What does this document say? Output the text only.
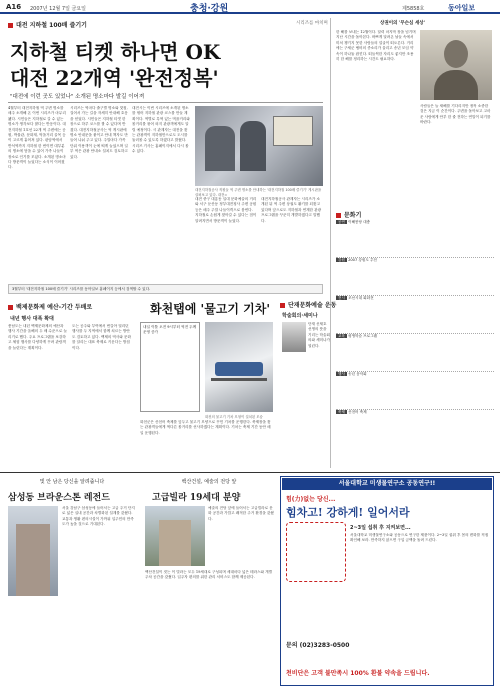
A16 2007년 12월 7일 금요일	충청·강원	제5858호	동아일보
대전 지하철 100배 즐기기	시리즈를 마치며
지하철 티켓 하나면 OK
대전 22개역 '완전정복'
"대전에 이런 곳도 있었나" 소개된 명소마다 발길 이어져
4월부터 대전지하철 역 주변 명소를 매주 소개해 온 이번 시리즈가 마무리됐다. 시민들은 지하철로 갈 수 있는 명소가 생각보다 많다는 반응이다. 대전지하철 1호선 22개 역 주변에는 공원, 박물관, 문화재, 먹을거리 골목 등이 고르게 흩어져 있다. 판암역에서 반석역까지 지하철 한 번이면 대부분의 명소에 닿을 수 있어 가족 나들이 장소로 인기를 모았다. 소개된 명소마다 방문객이 늘었다는 소식이 이어졌다.
시리즈는 역마다 출구별 명소와 맛집, 걸어서 가는 길을 자세히 안내해 호응을 얻었다. 시민들은 지하철 티켓 한 장으로 하루 코스를 짤 수 있다며 반겼다. 대전지하철공사는 역 게시판에 명소 안내문을 붙이고 안내 책자도 만들어 나눠 주고 있다. 주말마다 가족 단위 이용객이 눈에 띄게 늘었으며 일부 역은 관광 안내소 설치도 검토하고 있다.
대전시는 이번 시리즈에 소개된 명소를 엮어 지하철 관광 코스를 만들 계획이다. 역별로 특색 있는 먹을거리와 볼거리를 묶어 외지 관광객에게도 알릴 예정이다. 시 관계자는 대전을 찾는 관광객이 지하철만으로도 도시를 둘러볼 수 있도록 하겠다고 밝혔다. 시리즈 기사는 홈페이지에서 다시 볼 수 있다.
대전지하철공사 직원들 역 주변 명소를 안내하는 '대전지하철 100배 즐기기' 게시판을 살펴보고 있다. 대전=
대전 중구 대흥동 일대 문화예술의 거리와 서구 둔산동 정부대전청사 주변 공원 등은 매주 주말 나들이객으로 붐빈다. 지하철로 손쉽게 찾아갈 수 있다는 점이 알려지면서 방문객이 늘었다.
대전지하철공사 관계자는 시리즈가 소개된 뒤 역 주변 상권도 활기를 되찾고 있다며 앞으로도 지하철과 연계한 관광 프로그램을 꾸준히 개발하겠다고 말했다.
3월부터 '대전지하철 100배 즐기기' 시리즈를 동아일보 홈페이지 등에서 검색할 수 있다.
상권이의 '무슨심 세상'
한 해를 보내는 12월이다. 달력 마지막 장을 넘기며 지난 시간을 돌아본다. 바쁘게 달려온 날들 속에서 미처 챙기지 못한 사람들의 얼굴이 떠오른다. 거리에는 구세군 냄비의 종소리가 울리고 송년 모임 약속이 하나둘 잡힌다. 떠들썩한 자리도 좋지만 조용히 한 해를 정리하는 시간도 필요하다.
사람들은 늘 새해를 기다리지만 정작 소중한 것은 지금 이 순간이다. 주변을 돌아보고 고마운 사람에게 안부 한 줄 전하는 연말이 되기를 바란다.
문화기
공연 이해봉당 대충
강원 2007 강원도 추천
전시 조선시대 회화전
교육 평생학습 프로그램
행사 송년 음악회
축제 산천어 축제
백제문화제 예산-기간 두배로
내년 행사 대폭 확대
충남도는 내년 백제문화제의 예산과 행사 기간을 올해의 두 배 수준으로 늘리기로 했다. 주요 프로그램을 보강하고 체험 행사를 다양하게 꾸려 관람객을 늘린다는 계획이다.
도는 공주와 부여에서 번갈아 열리던 행사를 두 지역에서 함께 치르는 방안도 검토하고 있다. 백제의 역사와 문화를 알리는 대표 축제로 키운다는 방침이다.
화천탭에 '물고기 기차'
내일 이틀 오전 9시부터 역전 두께 운영 증가
화천의 물고기 기차 모형이 설치된 모습
화천군은 산천어 축제를 앞두고 물고기 모양으로 꾸민 기차를 운행한다. 축제장을 찾는 관광객들에게 색다른 볼거리를 선사하겠다는 계획이다. 기차는 축제 기간 동안 매일 운행된다.
단재문화예술 운동
학술회의·세미나
단재 신채호 선생의 뜻을 기리는 학술회의와 세미나가 열린다.
빛 안 남은 당신을 알려줍니다
삼성동 브라운스톤 레전드
서울 강남구 삼성동에 들어서는 고급 주거 단지로 넓은 실내 공간과 차별화된 설계를 갖췄다. 교통과 생활 편의시설이 가까워 입주민의 만족도가 높을 것으로 기대된다.
백산건설, 예술의 전당 앞
고급빌라 19세대 분양
예술의 전당 앞에 들어서는 고급빌라로 문화 공간과 가깝고 쾌적한 주거 환경을 갖췄다.
백산건설이 짓는 이 빌라는 모두 19세대로 구성되며 세대마다 넓은 테라스와 개별 주차 공간을 갖췄다. 입주자 편의를 위한 관리 서비스도 함께 제공된다.
서울대학교 미생물연구소 공동연구!!
힘(力)없는 당신...
힘차고! 강하게! 일어서라
2~3일 섭취 후 지켜보면...
서울대학교 미생물연구소와 공동으로 연구한 제품이다. 2~3일 섭취 후 몸의 변화를 직접 확인해 보라. 만족하지 않으면 구입 금액을 돌려 드린다.
문의 (02)3283-0500
천비단은 고객 불만족시 100% 환불 약속을 드립니다.
